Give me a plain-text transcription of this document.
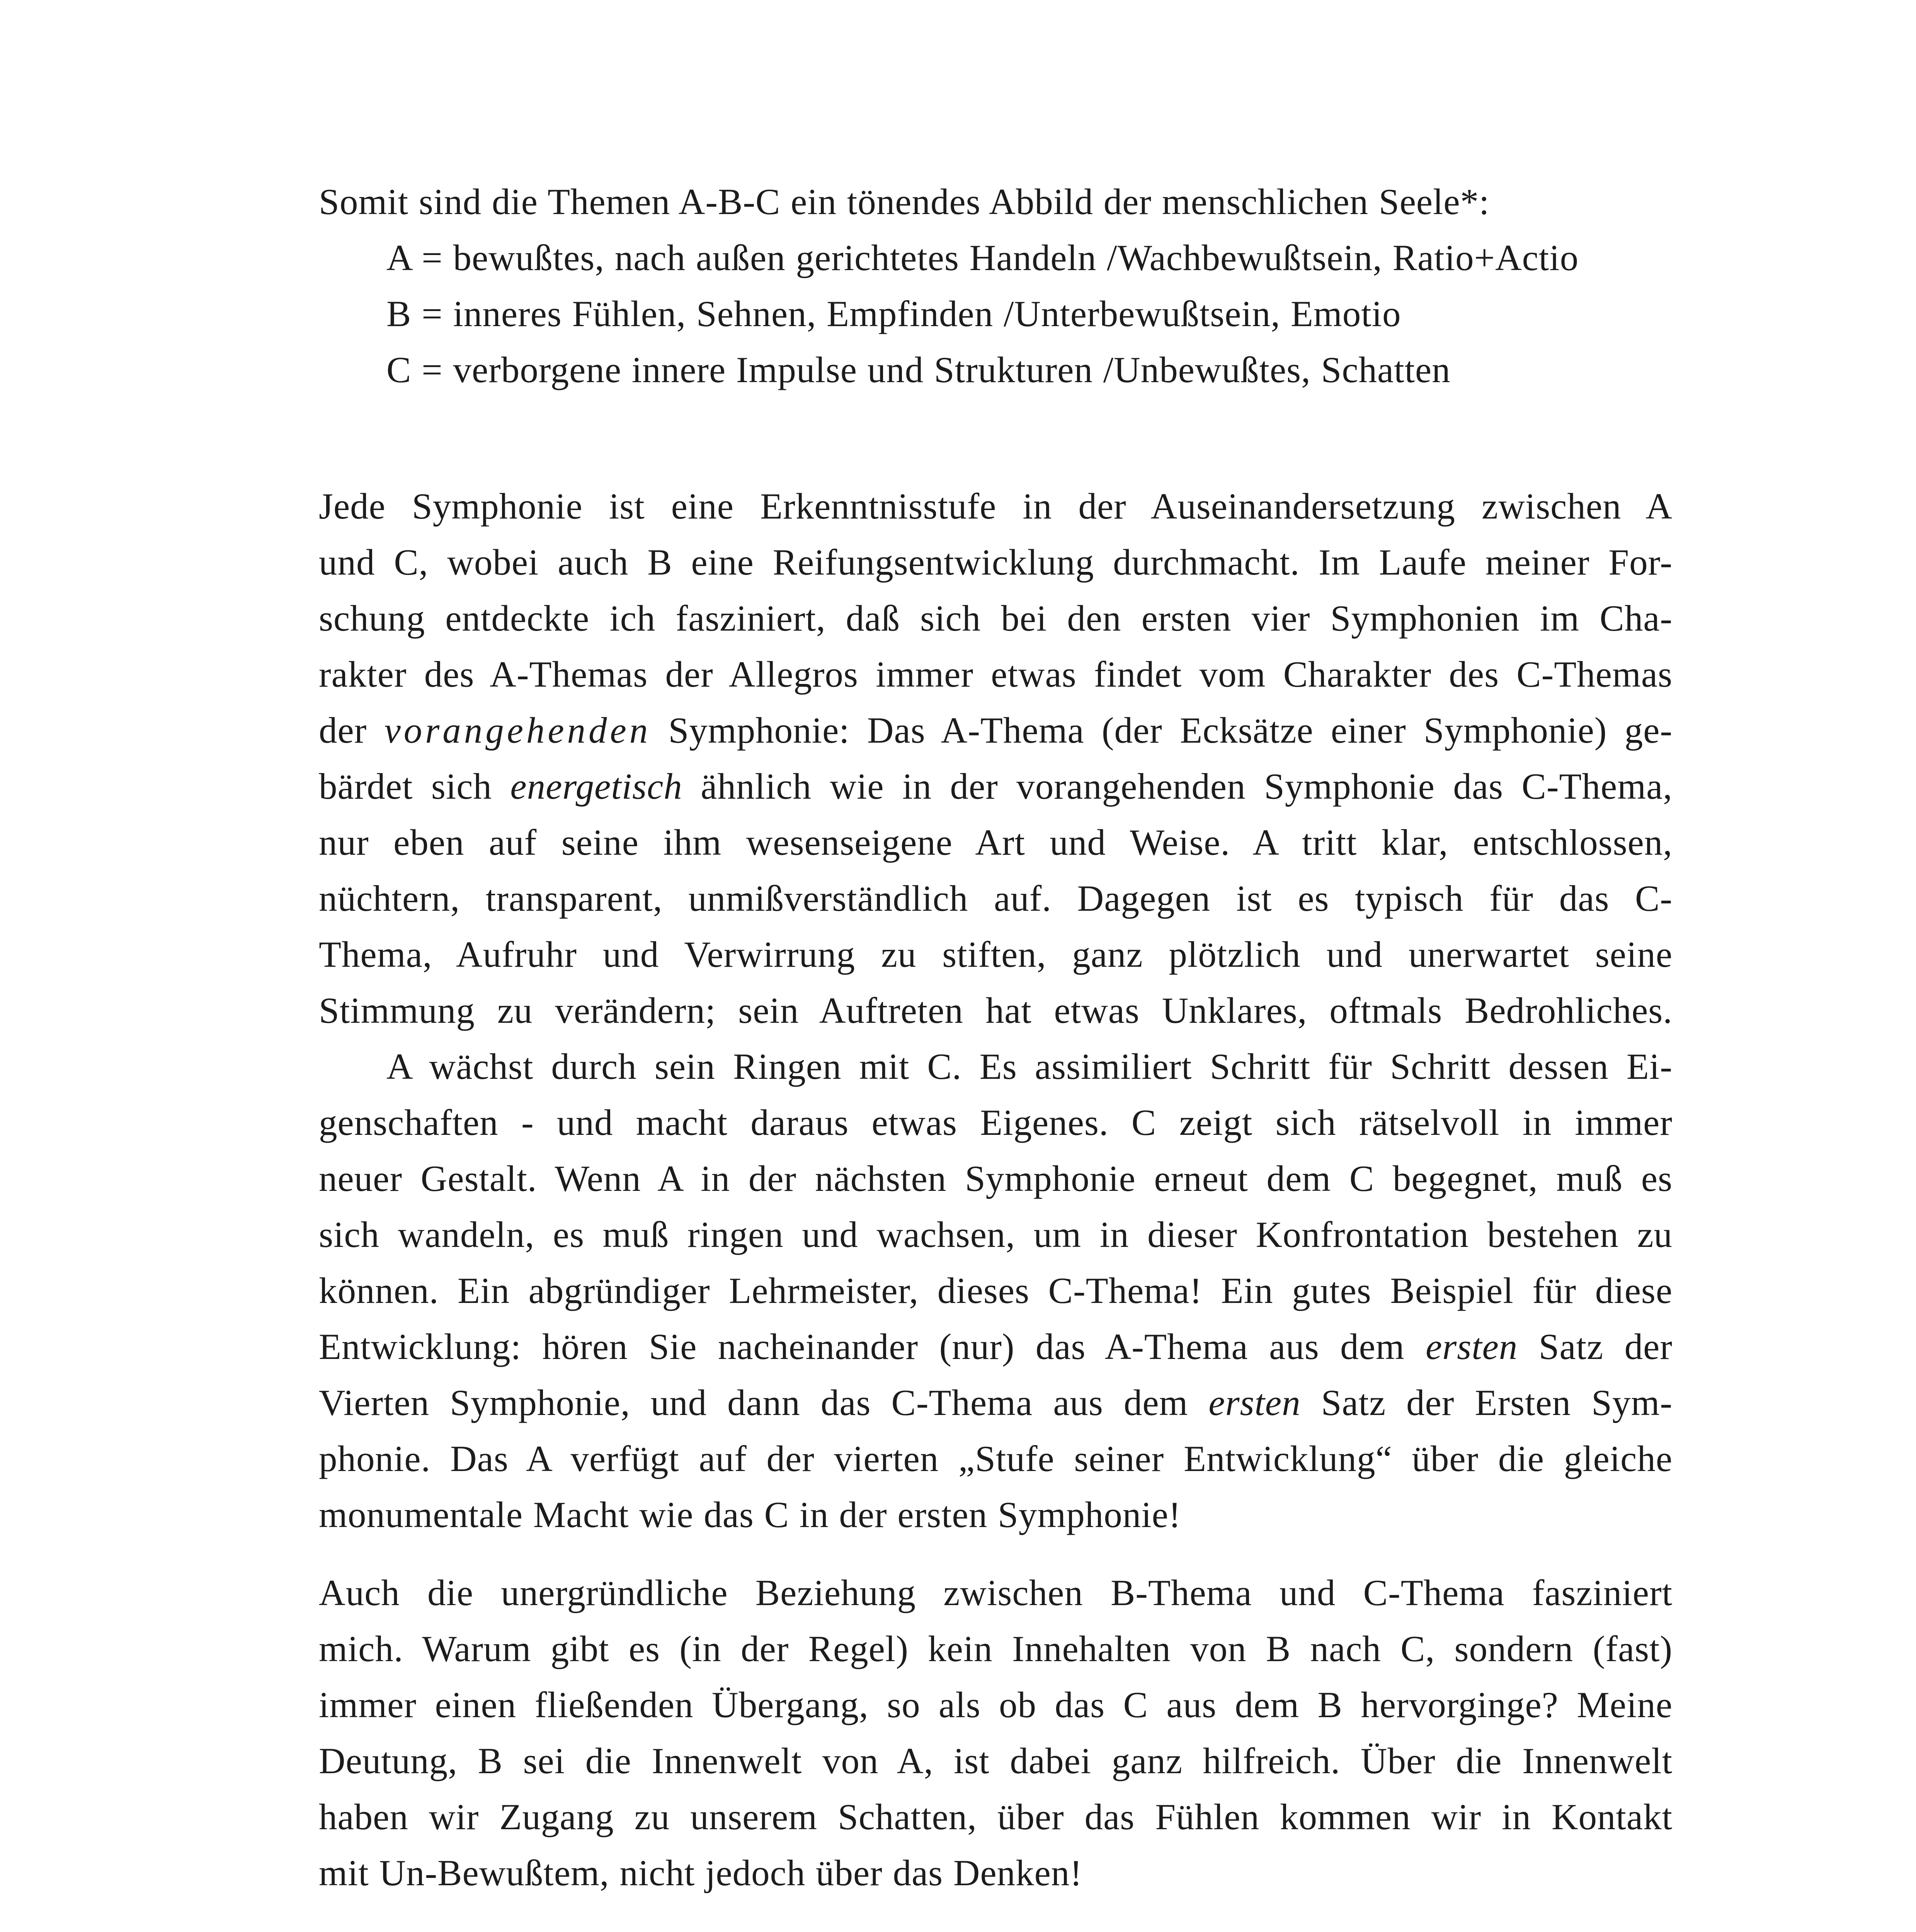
Somit sind die Themen A-B-C ein tönendes Abbild der menschlichen Seele*:
A = bewußtes, nach außen gerichtetes Handeln /Wachbewußtsein, Ratio+Actio
B = inneres Fühlen, Sehnen, Empfinden /Unterbewußtsein, Emotio
C = verborgene innere Impulse und Strukturen /Unbewußtes, Schatten
Jede Symphonie ist eine Erkenntnisstufe in der Auseinandersetzung zwischen A
und C, wobei auch B eine Reifungsentwicklung durchmacht. Im Laufe meiner For-
schung entdeckte ich fasziniert, daß sich bei den ersten vier Symphonien im Cha-
rakter des A-Themas der Allegros immer etwas findet vom Charakter des C-Themas
der vorangehenden Symphonie: Das A-Thema (der Ecksätze einer Symphonie) ge-
bärdet sich energetisch ähnlich wie in der vorangehenden Symphonie das C-Thema,
nur eben auf seine ihm wesenseigene Art und Weise. A tritt klar, entschlossen,
nüchtern, transparent, unmißverständlich auf. Dagegen ist es typisch für das C-
Thema, Aufruhr und Verwirrung zu stiften, ganz plötzlich und unerwartet seine
Stimmung zu verändern; sein Auftreten hat etwas Unklares, oftmals Bedrohliches.
A wächst durch sein Ringen mit C. Es assimiliert Schritt für Schritt dessen Ei-
genschaften - und macht daraus etwas Eigenes. C zeigt sich rätselvoll in immer
neuer Gestalt. Wenn A in der nächsten Symphonie erneut dem C begegnet, muß es
sich wandeln, es muß ringen und wachsen, um in dieser Konfrontation bestehen zu
können. Ein abgründiger Lehrmeister, dieses C-Thema! Ein gutes Beispiel für diese
Entwicklung: hören Sie nacheinander (nur) das A-Thema aus dem ersten Satz der
Vierten Symphonie, und dann das C-Thema aus dem ersten Satz der Ersten Sym-
phonie. Das A verfügt auf der vierten „Stufe seiner Entwicklung“ über die gleiche
monumentale Macht wie das C in der ersten Symphonie!
Auch die unergründliche Beziehung zwischen B-Thema und C-Thema fasziniert
mich. Warum gibt es (in der Regel) kein Innehalten von B nach C, sondern (fast)
immer einen fließenden Übergang, so als ob das C aus dem B hervorginge? Meine
Deutung, B sei die Innenwelt von A, ist dabei ganz hilfreich. Über die Innenwelt
haben wir Zugang zu unserem Schatten, über das Fühlen kommen wir in Kontakt
mit Un-Bewußtem, nicht jedoch über das Denken!
